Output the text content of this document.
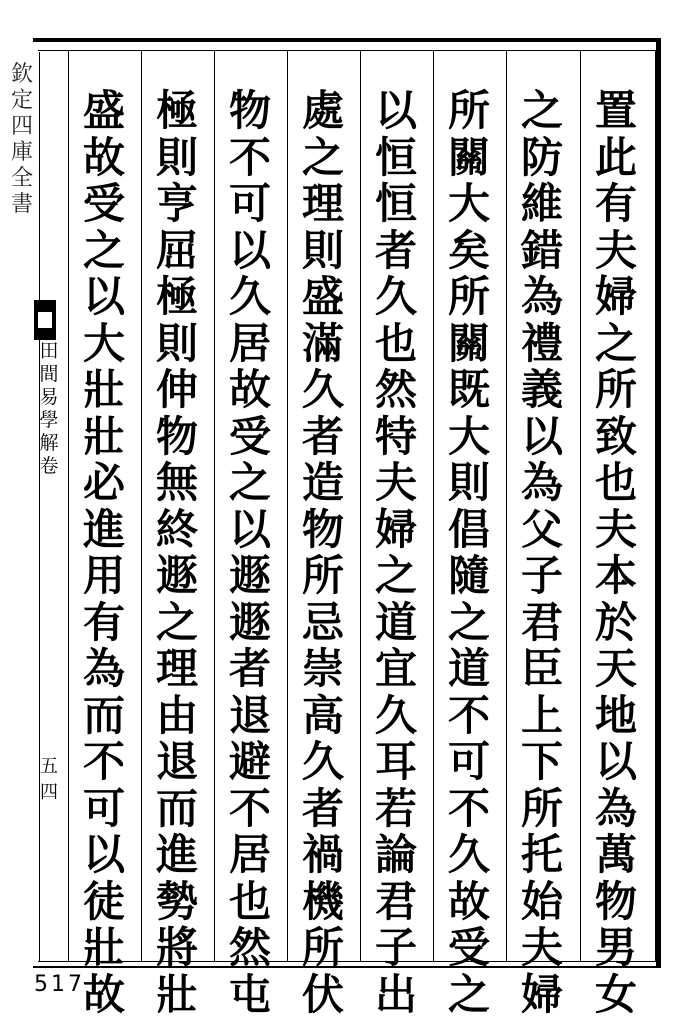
欽
定
四
庫
全
書
田
間
易
學
解
卷
五四
置
此
有
夫
婦
之
所
致
也
夫
本
於
天
地
以
為
萬
物
男
女
之
防
維
錯
為
禮
義
以
為
父
子
君
臣
上
下
所
托
始
夫
婦
所
關
大
矣
所
關
既
大
則
倡
隨
之
道
不
可
不
久
故
受
之
以
恒
恒
者
久
也
然
特
夫
婦
之
道
宜
久
耳
若
論
君
子
出
處
之
理
則
盛
滿
久
者
造
物
所
忌
崇
高
久
者
禍
機
所
伏
物
不
可
以
久
居
故
受
之
以
遯
遯
者
退
避
不
居
也
然
屯
極
則
亨
屈
極
則
伸
物
無
終
遯
之
理
由
退
而
進
勢
將
壯
盛
故
受
之
以
大
壯
壯
必
進
用
有
為
而
不
可
以
徒
壯
故
517
